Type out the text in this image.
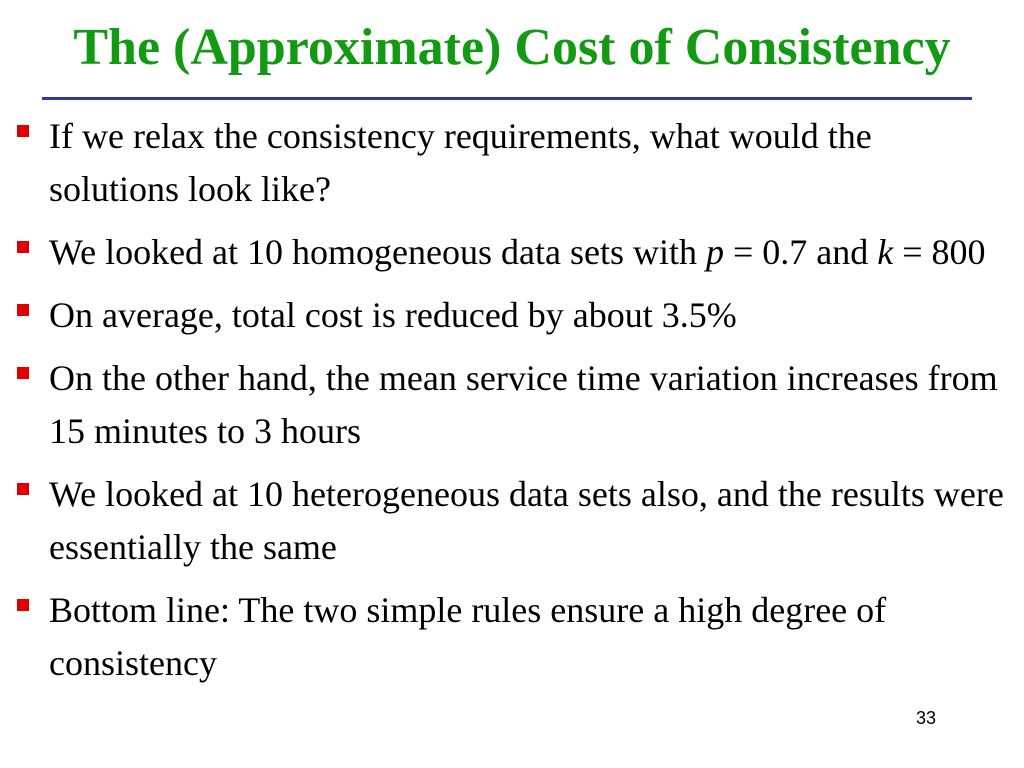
The (Approximate) Cost of Consistency
If we relax the consistency requirements, what would the solutions look like?
We looked at 10 homogeneous data sets with p = 0.7 and k = 800
On average, total cost is reduced by about 3.5%
On the other hand, the mean service time variation increases from 15 minutes to 3 hours
We looked at 10 heterogeneous data sets also, and the results were essentially the same
Bottom line: The two simple rules ensure a high degree of consistency
33
